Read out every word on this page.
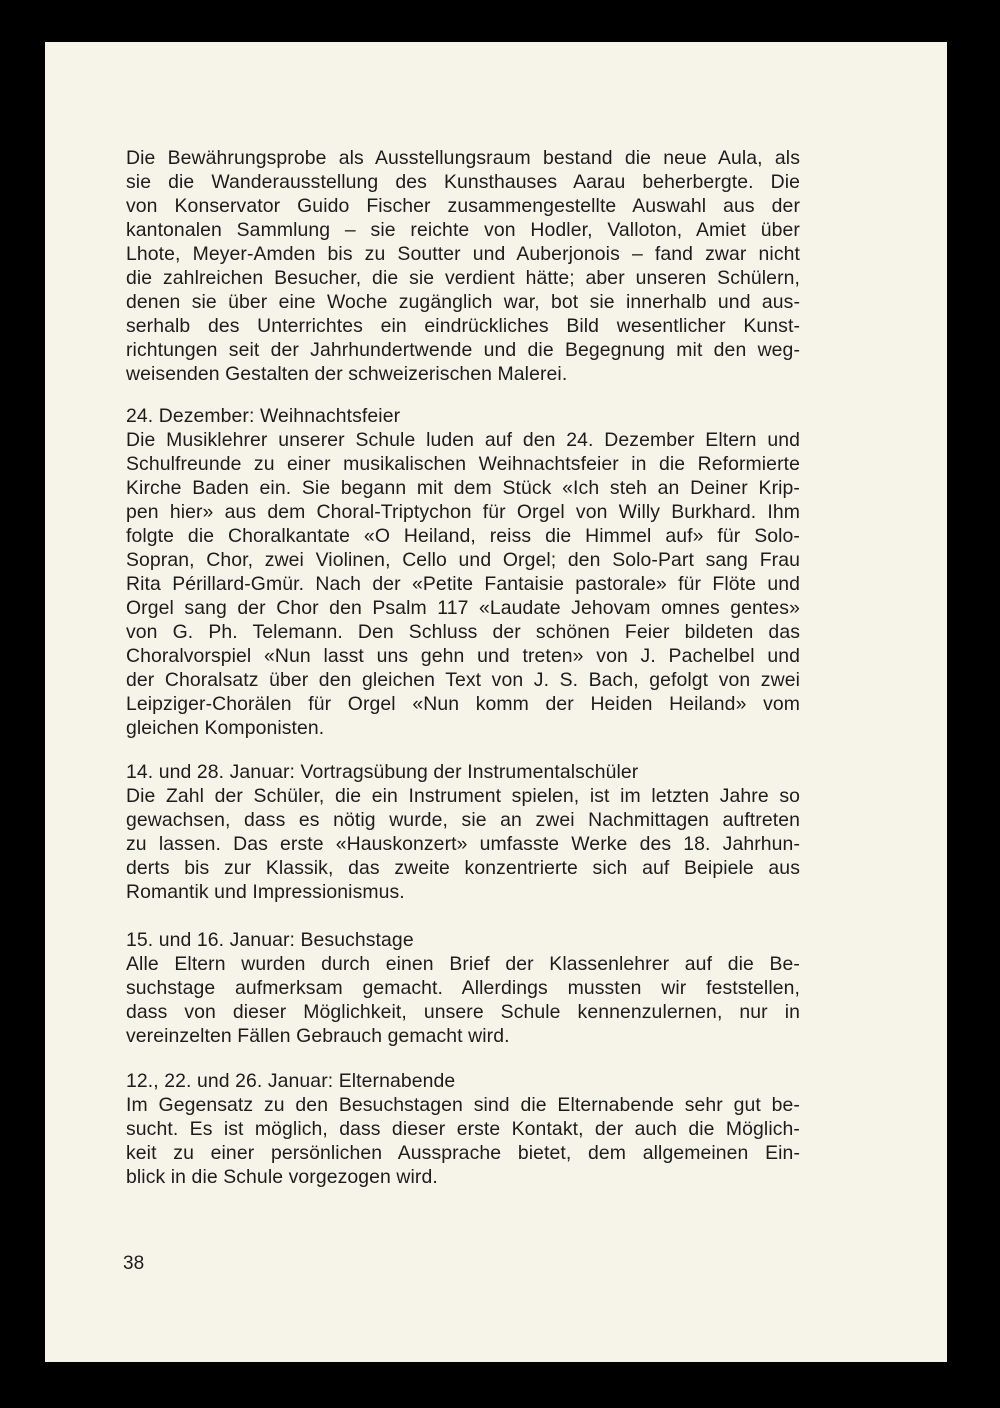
Die Bewährungsprobe als Ausstellungsraum bestand die neue Aula, als
sie die Wanderausstellung des Kunsthauses Aarau beherbergte. Die
von Konservator Guido Fischer zusammengestellte Auswahl aus der
kantonalen Sammlung – sie reichte von Hodler, Valloton, Amiet über
Lhote, Meyer-Amden bis zu Soutter und Auberjonois – fand zwar nicht
die zahlreichen Besucher, die sie verdient hätte; aber unseren Schülern,
denen sie über eine Woche zugänglich war, bot sie innerhalb und aus-
serhalb des Unterrichtes ein eindrückliches Bild wesentlicher Kunst-
richtungen seit der Jahrhundertwende und die Begegnung mit den weg-
weisenden Gestalten der schweizerischen Malerei.
24. Dezember: Weihnachtsfeier
Die Musiklehrer unserer Schule luden auf den 24. Dezember Eltern und
Schulfreunde zu einer musikalischen Weihnachtsfeier in die Reformierte
Kirche Baden ein. Sie begann mit dem Stück «Ich steh an Deiner Krip-
pen hier» aus dem Choral-Triptychon für Orgel von Willy Burkhard. Ihm
folgte die Choralkantate «O Heiland, reiss die Himmel auf» für Solo-
Sopran, Chor, zwei Violinen, Cello und Orgel; den Solo-Part sang Frau
Rita Périllard-Gmür. Nach der «Petite Fantaisie pastorale» für Flöte und
Orgel sang der Chor den Psalm 117 «Laudate Jehovam omnes gentes»
von G. Ph. Telemann. Den Schluss der schönen Feier bildeten das
Choralvorspiel «Nun lasst uns gehn und treten» von J. Pachelbel und
der Choralsatz über den gleichen Text von J. S. Bach, gefolgt von zwei
Leipziger-Chorälen für Orgel «Nun komm der Heiden Heiland» vom
gleichen Komponisten.
14. und 28. Januar: Vortragsübung der Instrumentalschüler
Die Zahl der Schüler, die ein Instrument spielen, ist im letzten Jahre so
gewachsen, dass es nötig wurde, sie an zwei Nachmittagen auftreten
zu lassen. Das erste «Hauskonzert» umfasste Werke des 18. Jahrhun-
derts bis zur Klassik, das zweite konzentrierte sich auf Beipiele aus
Romantik und Impressionismus.
15. und 16. Januar: Besuchstage
Alle Eltern wurden durch einen Brief der Klassenlehrer auf die Be-
suchstage aufmerksam gemacht. Allerdings mussten wir feststellen,
dass von dieser Möglichkeit, unsere Schule kennenzulernen, nur in
vereinzelten Fällen Gebrauch gemacht wird.
12., 22. und 26. Januar: Elternabende
Im Gegensatz zu den Besuchstagen sind die Elternabende sehr gut be-
sucht. Es ist möglich, dass dieser erste Kontakt, der auch die Möglich-
keit zu einer persönlichen Aussprache bietet, dem allgemeinen Ein-
blick in die Schule vorgezogen wird.
38
